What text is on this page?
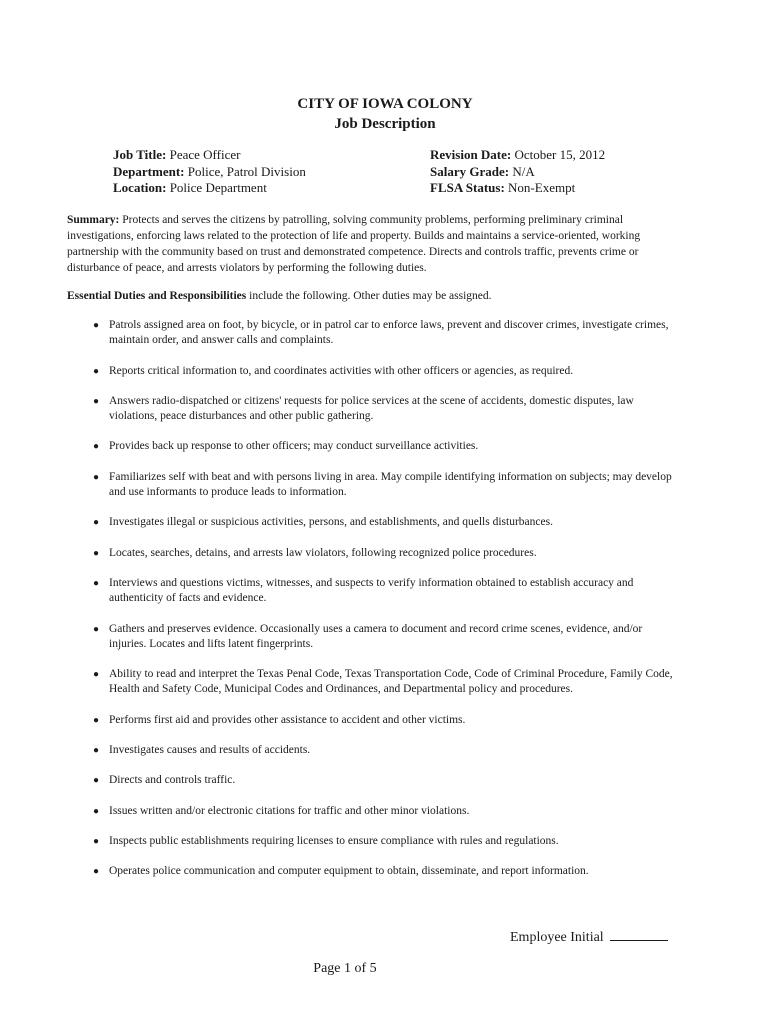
CITY OF IOWA COLONY
Job Description
Job Title: Peace Officer
Department: Police, Patrol Division
Location: Police Department
Revision Date: October 15, 2012
Salary Grade: N/A
FLSA Status: Non-Exempt
Summary: Protects and serves the citizens by patrolling, solving community problems, performing preliminary criminal investigations, enforcing laws related to the protection of life and property. Builds and maintains a service-oriented, working partnership with the community based on trust and demonstrated competence. Directs and controls traffic, prevents crime or disturbance of peace, and arrests violators by performing the following duties.
Essential Duties and Responsibilities include the following. Other duties may be assigned.
● Patrols assigned area on foot, by bicycle, or in patrol car to enforce laws, prevent and discover crimes, investigate crimes, maintain order, and answer calls and complaints.
● Reports critical information to, and coordinates activities with other officers or agencies, as required.
● Answers radio-dispatched or citizens' requests for police services at the scene of accidents, domestic disputes, law violations, peace disturbances and other public gathering.
● Provides back up response to other officers; may conduct surveillance activities.
● Familiarizes self with beat and with persons living in area. May compile identifying information on subjects; may develop and use informants to produce leads to information.
● Investigates illegal or suspicious activities, persons, and establishments, and quells disturbances.
● Locates, searches, detains, and arrests law violators, following recognized police procedures.
● Interviews and questions victims, witnesses, and suspects to verify information obtained to establish accuracy and authenticity of facts and evidence.
● Gathers and preserves evidence. Occasionally uses a camera to document and record crime scenes, evidence, and/or injuries. Locates and lifts latent fingerprints.
● Ability to read and interpret the Texas Penal Code, Texas Transportation Code, Code of Criminal Procedure, Family Code, Health and Safety Code, Municipal Codes and Ordinances, and Departmental policy and procedures.
● Performs first aid and provides other assistance to accident and other victims.
● Investigates causes and results of accidents.
● Directs and controls traffic.
● Issues written and/or electronic citations for traffic and other minor violations.
● Inspects public establishments requiring licenses to ensure compliance with rules and regulations.
● Operates police communication and computer equipment to obtain, disseminate, and report information.
Employee Initial
Page 1 of 5
